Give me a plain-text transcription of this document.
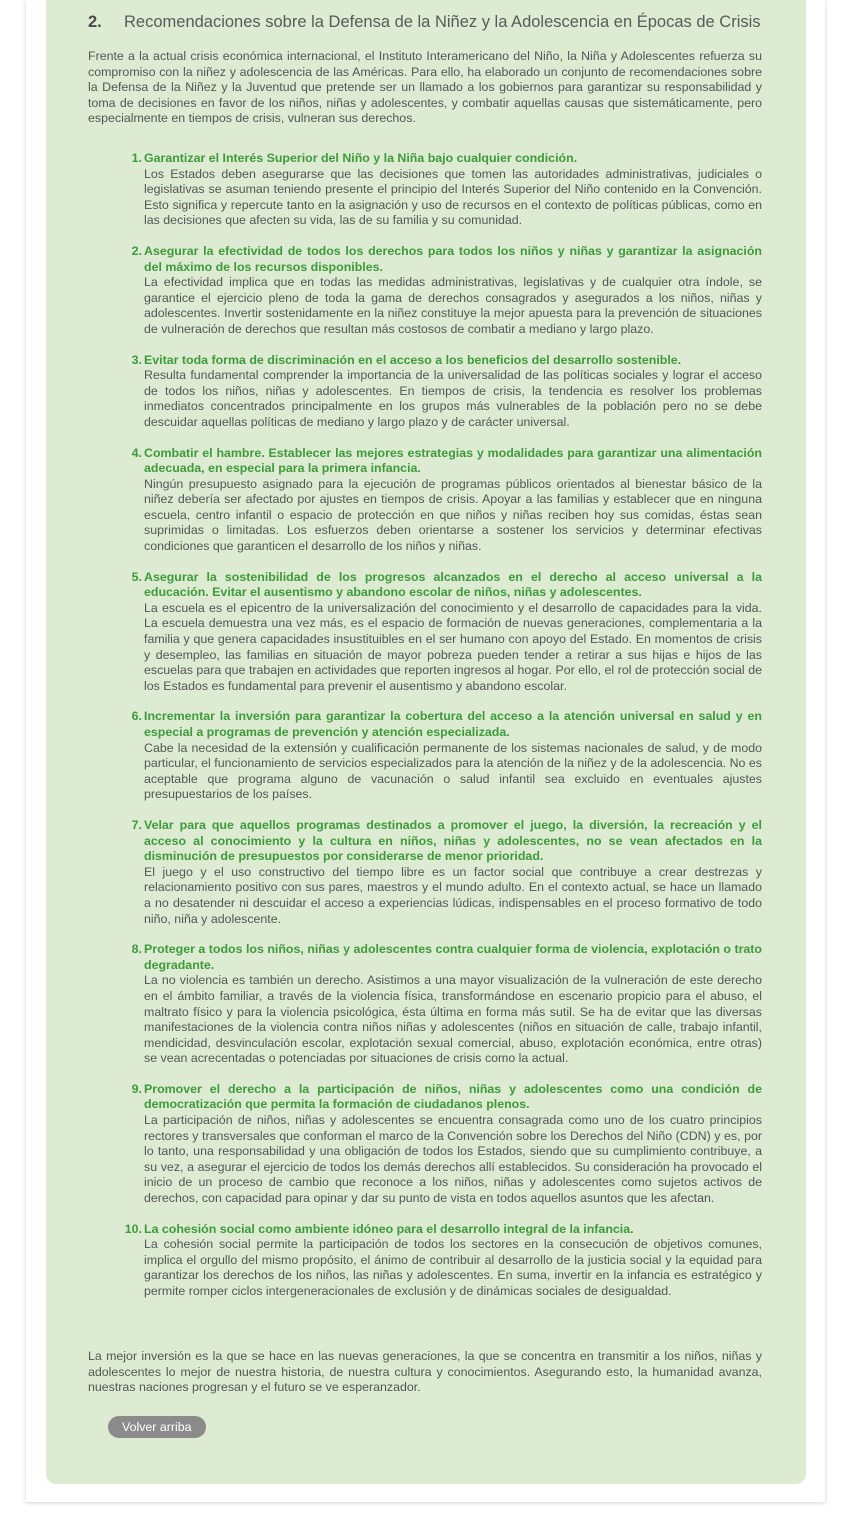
2. Recomendaciones sobre la Defensa de la Niñez y la Adolescencia en Épocas de Crisis
Frente a la actual crisis económica internacional, el Instituto Interamericano del Niño, la Niña y Adolescentes refuerza su compromiso con la niñez y adolescencia de las Américas. Para ello, ha elaborado un conjunto de recomendaciones sobre la Defensa de la Niñez y la Juventud que pretende ser un llamado a los gobiernos para garantizar su responsabilidad y toma de decisiones en favor de los niños, niñas y adolescentes, y combatir aquellas causas que sistemáticamente, pero especialmente en tiempos de crisis, vulneran sus derechos.
1. Garantizar el Interés Superior del Niño y la Niña bajo cualquier condición.
Los Estados deben asegurarse que las decisiones que tomen las autoridades administrativas, judiciales o legislativas se asuman teniendo presente el principio del Interés Superior del Niño contenido en la Convención. Esto significa y repercute tanto en la asignación y uso de recursos en el contexto de políticas públicas, como en las decisiones que afecten su vida, las de su familia y su comunidad.
2. Asegurar la efectividad de todos los derechos para todos los niños y niñas y garantizar la asignación del máximo de los recursos disponibles.
La efectividad implica que en todas las medidas administrativas, legislativas y de cualquier otra índole, se garantice el ejercicio pleno de toda la gama de derechos consagrados y asegurados a los niños, niñas y adolescentes. Invertir sostenidamente en la niñez constituye la mejor apuesta para la prevención de situaciones de vulneración de derechos que resultan más costosos de combatir a mediano y largo plazo.
3. Evitar toda forma de discriminación en el acceso a los beneficios del desarrollo sostenible.
Resulta fundamental comprender la importancia de la universalidad de las políticas sociales y lograr el acceso de todos los niños, niñas y adolescentes. En tiempos de crisis, la tendencia es resolver los problemas inmediatos concentrados principalmente en los grupos más vulnerables de la población pero no se debe descuidar aquellas políticas de mediano y largo plazo y de carácter universal.
4. Combatir el hambre. Establecer las mejores estrategias y modalidades para garantizar una alimentación adecuada, en especial para la primera infancia.
Ningún presupuesto asignado para la ejecución de programas públicos orientados al bienestar básico de la niñez debería ser afectado por ajustes en tiempos de crisis. Apoyar a las familias y establecer que en ninguna escuela, centro infantil o espacio de protección en que niños y niñas reciben hoy sus comidas, éstas sean suprimidas o limitadas. Los esfuerzos deben orientarse a sostener los servicios y determinar efectivas condiciones que garanticen el desarrollo de los niños y niñas.
5. Asegurar la sostenibilidad de los progresos alcanzados en el derecho al acceso universal a la educación. Evitar el ausentismo y abandono escolar de niños, niñas y adolescentes.
La escuela es el epicentro de la universalización del conocimiento y el desarrollo de capacidades para la vida. La escuela demuestra una vez más, es el espacio de formación de nuevas generaciones, complementaria a la familia y que genera capacidades insustituibles en el ser humano con apoyo del Estado. En momentos de crisis y desempleo, las familias en situación de mayor pobreza pueden tender a retirar a sus hijas e hijos de las escuelas para que trabajen en actividades que reporten ingresos al hogar. Por ello, el rol de protección social de los Estados es fundamental para prevenir el ausentismo y abandono escolar.
6. Incrementar la inversión para garantizar la cobertura del acceso a la atención universal en salud y en especial a programas de prevención y atención especializada.
Cabe la necesidad de la extensión y cualificación permanente de los sistemas nacionales de salud, y de modo particular, el funcionamiento de servicios especializados para la atención de la niñez y de la adolescencia. No es aceptable que programa alguno de vacunación o salud infantil sea excluido en eventuales ajustes presupuestarios de los países.
7. Velar para que aquellos programas destinados a promover el juego, la diversión, la recreación y el acceso al conocimiento y la cultura en niños, niñas y adolescentes, no se vean afectados en la disminución de presupuestos por considerarse de menor prioridad.
El juego y el uso constructivo del tiempo libre es un factor social que contribuye a crear destrezas y relacionamiento positivo con sus pares, maestros y el mundo adulto. En el contexto actual, se hace un llamado a no desatender ni descuidar el acceso a experiencias lúdicas, indispensables en el proceso formativo de todo niño, niña y adolescente.
8. Proteger a todos los niños, niñas y adolescentes contra cualquier forma de violencia, explotación o trato degradante.
La no violencia es también un derecho. Asistimos a una mayor visualización de la vulneración de este derecho en el ámbito familiar, a través de la violencia física, transformándose en escenario propicio para el abuso, el maltrato físico y para la violencia psicológica, ésta última en forma más sutil. Se ha de evitar que las diversas manifestaciones de la violencia contra niños niñas y adolescentes (niños en situación de calle, trabajo infantil, mendicidad, desvinculación escolar, explotación sexual comercial, abuso, explotación económica, entre otras) se vean acrecentadas o potenciadas por situaciones de crisis como la actual.
9. Promover el derecho a la participación de niños, niñas y adolescentes como una condición de democratización que permita la formación de ciudadanos plenos.
La participación de niños, niñas y adolescentes se encuentra consagrada como uno de los cuatro principios rectores y transversales que conforman el marco de la Convención sobre los Derechos del Niño (CDN) y es, por lo tanto, una responsabilidad y una obligación de todos los Estados, siendo que su cumplimiento contribuye, a su vez, a asegurar el ejercicio de todos los demás derechos allí establecidos. Su consideración ha provocado el inicio de un proceso de cambio que reconoce a los niños, niñas y adolescentes como sujetos activos de derechos, con capacidad para opinar y dar su punto de vista en todos aquellos asuntos que les afectan.
10. La cohesión social como ambiente idóneo para el desarrollo integral de la infancia.
La cohesión social permite la participación de todos los sectores en la consecución de objetivos comunes, implica el orgullo del mismo propósito, el ánimo de contribuir al desarrollo de la justicia social y la equidad para garantizar los derechos de los niños, las niñas y adolescentes. En suma, invertir en la infancia es estratégico y permite romper ciclos intergeneracionales de exclusión y de dinámicas sociales de desigualdad.
La mejor inversión es la que se hace en las nuevas generaciones, la que se concentra en transmitir a los niños, niñas y adolescentes lo mejor de nuestra historia, de nuestra cultura y conocimientos. Asegurando esto, la humanidad avanza, nuestras naciones progresan y el futuro se ve esperanzador.
Volver arriba
